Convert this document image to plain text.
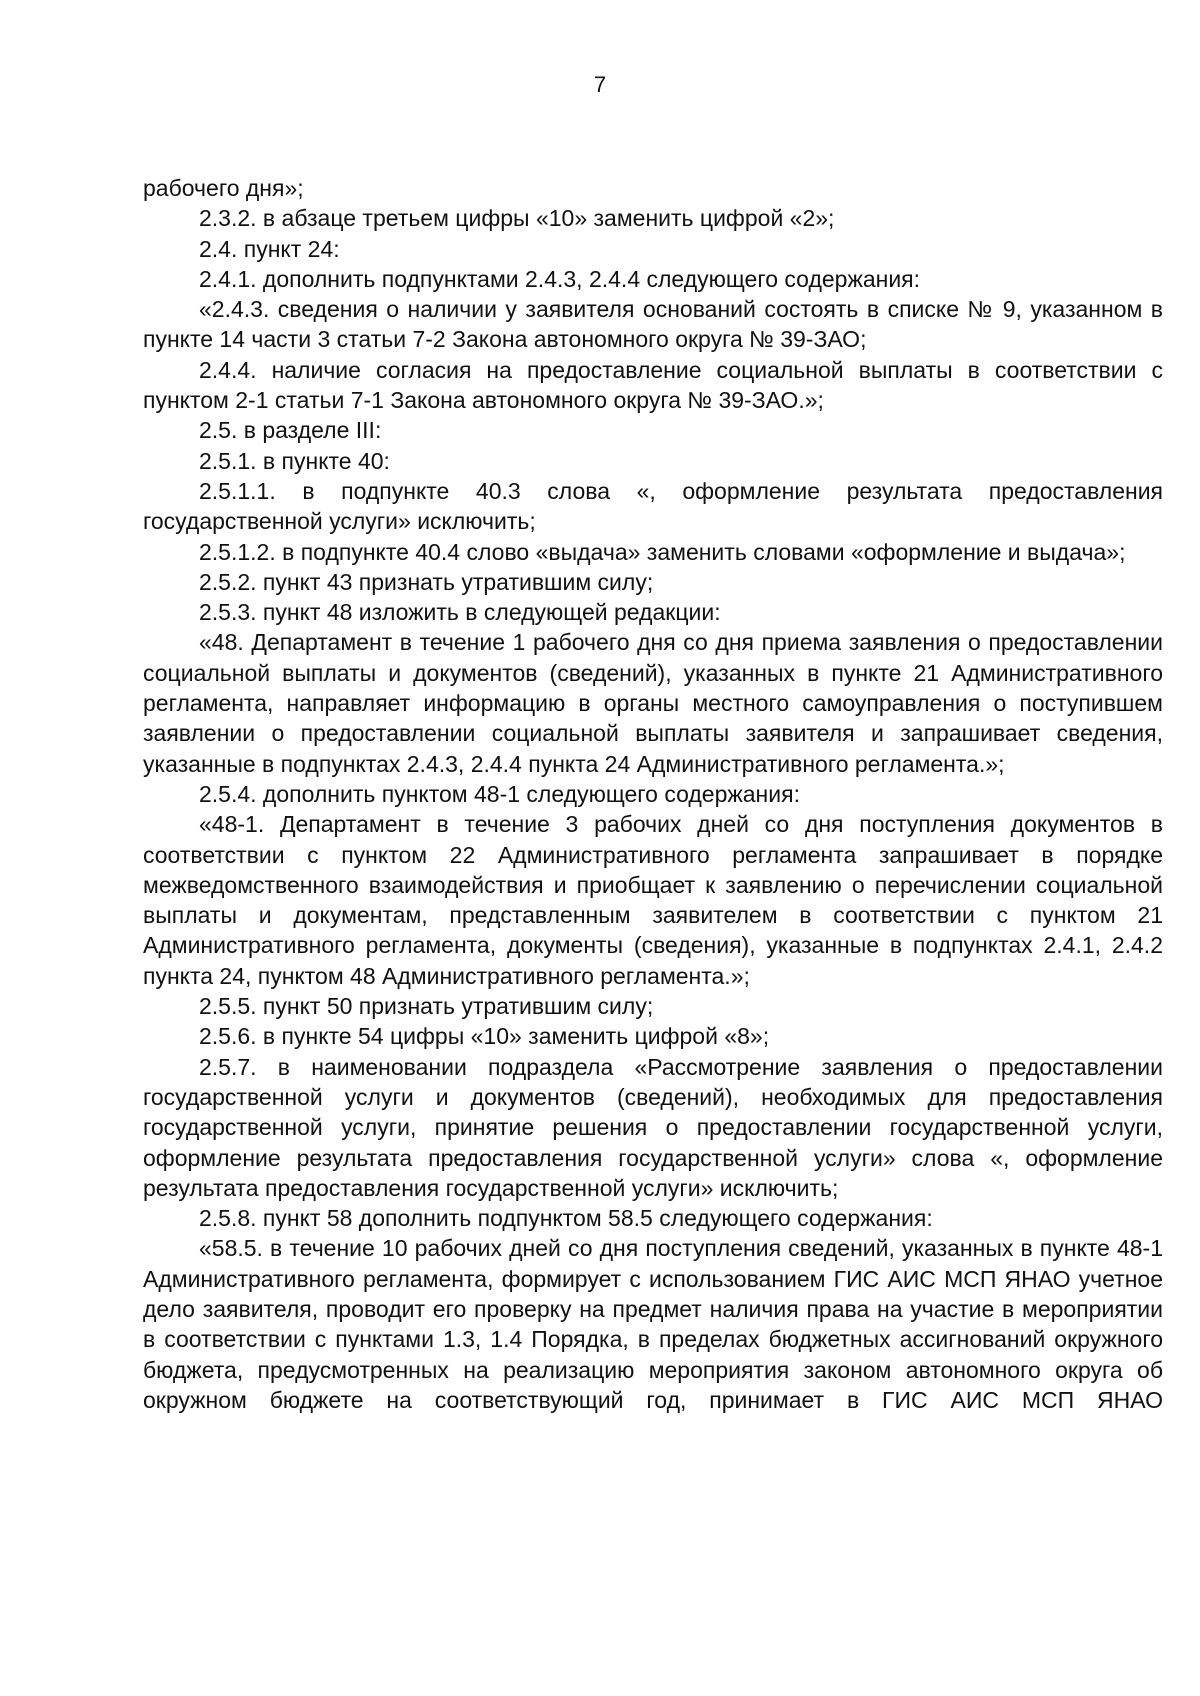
7

рабочего дня»;

2.3.2. в абзаце третьем цифры «10» заменить цифрой «2»;

2.4. пункт 24:

2.4.1. дополнить подпунктами 2.4.3, 2.4.4 следующего содержания:

«2.4.3. сведения о наличии у заявителя оснований состоять в списке № 9, указанном в пункте 14 части 3 статьи 7-2 Закона автономного округа № 39-ЗАО;

2.4.4. наличие согласия на предоставление социальной выплаты в соответствии с пунктом 2-1 статьи 7-1 Закона автономного округа № 39-ЗАО.»;

2.5. в разделе III:

2.5.1. в пункте 40:

2.5.1.1. в подпункте 40.3 слова «, оформление результата предоставления государственной услуги» исключить;

2.5.1.2. в подпункте 40.4 слово «выдача» заменить словами «оформление и выдача»;

2.5.2. пункт 43 признать утратившим силу;

2.5.3. пункт 48 изложить в следующей редакции:

«48. Департамент в течение 1 рабочего дня со дня приема заявления о предоставлении социальной выплаты и документов (сведений), указанных в пункте 21 Административного регламента, направляет информацию в органы местного самоуправления о поступившем заявлении о предоставлении социальной выплаты заявителя и запрашивает сведения, указанные в подпунктах 2.4.3, 2.4.4 пункта 24 Административного регламента.»;

2.5.4. дополнить пунктом 48-1 следующего содержания:

«48-1. Департамент в течение 3 рабочих дней со дня поступления документов в соответствии с пунктом 22 Административного регламента запрашивает в порядке межведомственного взаимодействия и приобщает к заявлению о перечислении социальной выплаты и документам, представленным заявителем в соответствии с пунктом 21 Административного регламента, документы (сведения), указанные в подпунктах 2.4.1, 2.4.2 пункта 24, пунктом 48 Административного регламента.»;

2.5.5. пункт 50 признать утратившим силу;

2.5.6. в пункте 54 цифры «10» заменить цифрой «8»;

2.5.7. в наименовании подраздела «Рассмотрение заявления о предоставлении государственной услуги и документов (сведений), необходимых для предоставления государственной услуги, принятие решения о предоставлении государственной услуги, оформление результата предоставления государственной услуги» слова «, оформление результата предоставления государственной услуги» исключить;

2.5.8. пункт 58 дополнить подпунктом 58.5 следующего содержания:

«58.5. в течение 10 рабочих дней со дня поступления сведений, указанных в пункте 48-1 Административного регламента, формирует с использованием ГИС АИС МСП ЯНАО учетное дело заявителя, проводит его проверку на предмет наличия права на участие в мероприятии в соответствии с пунктами 1.3, 1.4 Порядка, в пределах бюджетных ассигнований окружного бюджета, предусмотренных на реализацию мероприятия законом автономного округа об окружном бюджете на соответствующий год, принимает в ГИС АИС МСП ЯНАО
